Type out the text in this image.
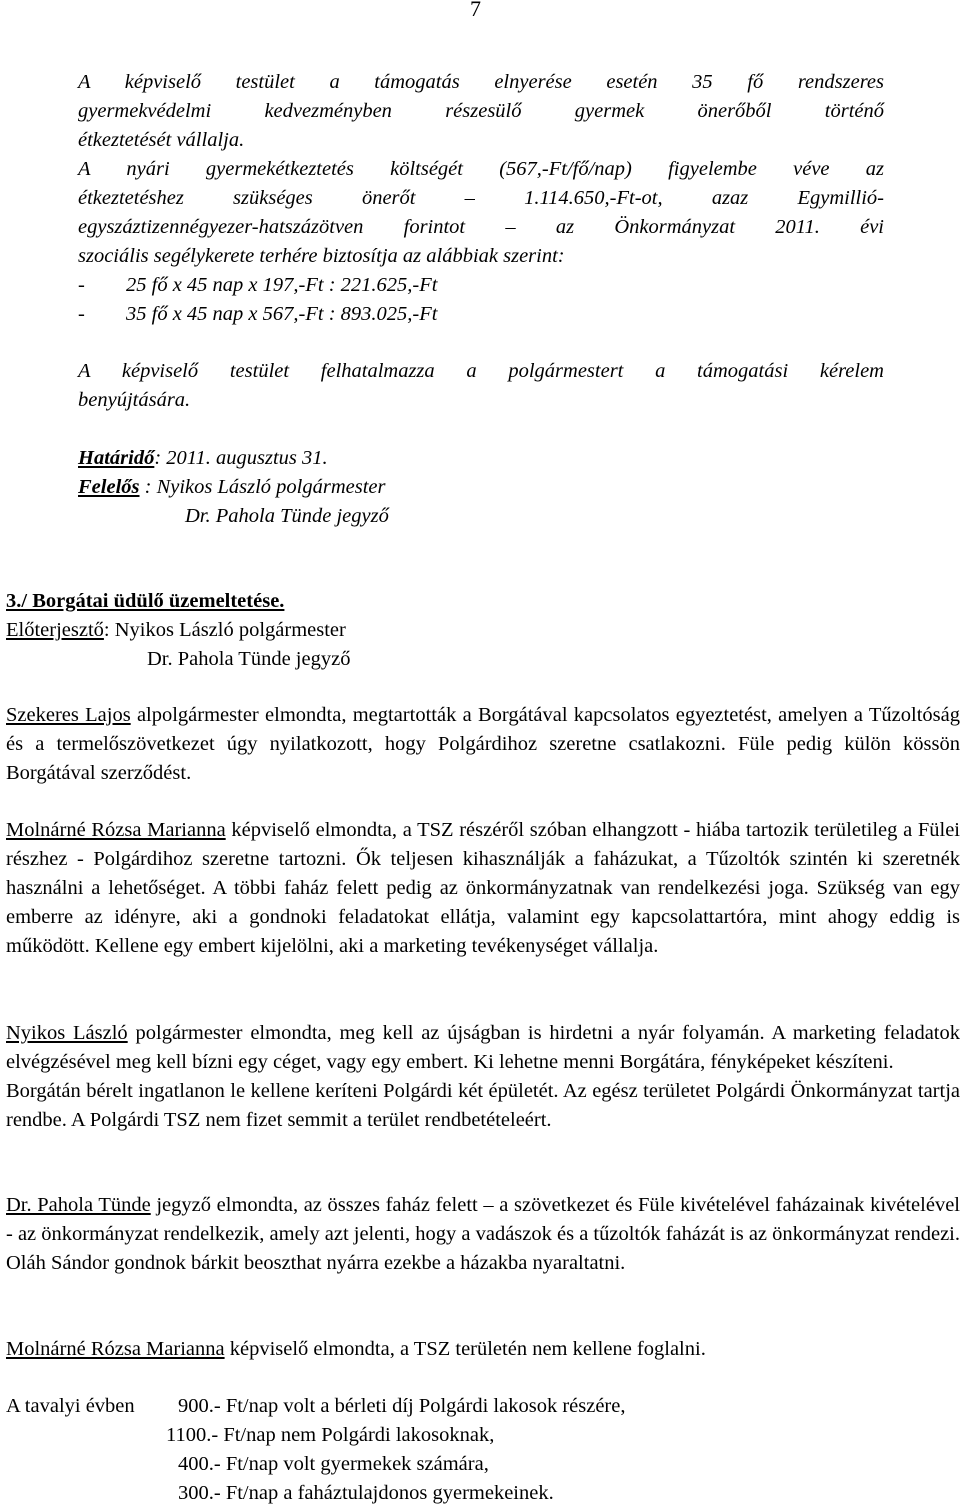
7

A képviselő testület a támogatás elnyerése esetén 35 fő rendszeres

gyermekvédelmi kedvezményben részesülő gyermek önerőből történő

étkeztetését vállalja.

A nyári gyermekétkeztetés költségét (567,-Ft/fő/nap) figyelembe véve az

étkeztetéshez szükséges önerőt – 1.114.650,-Ft-ot, azaz Egymillió-

egyszáztizennégyezer-hatszázötven forintot – az Önkormányzat 2011. évi

szociális segélykerete terhére biztosítja az alábbiak szerint:

- 25 fő x 45 nap x 197,-Ft : 221.625,-Ft
- 35 fő x 45 nap x 567,-Ft : 893.025,-Ft

A képviselő testület felhatalmazza a polgármestert a támogatási kérelem

benyújtására.

Határidő: 2011. augusztus 31.
Felelős : Nyikos László polgármester
Dr. Pahola Tünde jegyző
3./ Borgátai üdülő üzemeltetése.
Előterjesztő: Nyikos László polgármester
Dr. Pahola Tünde jegyző

Szekeres Lajos alpolgármester elmondta, megtartották a Borgátával kapcsolatos egyeztetést, amelyen a Tűzoltóság és a termelőszövetkezet úgy nyilatkozott, hogy Polgárdihoz szeretne csatlakozni. Füle pedig külön kössön Borgátával szerződést.

Molnárné Rózsa Marianna képviselő elmondta, a TSZ részéről szóban elhangzott - hiába tartozik területileg a Fülei részhez - Polgárdihoz szeretne tartozni. Ők teljesen kihasználják a faházukat, a Tűzoltók szintén ki szeretnék használni a lehetőséget. A többi faház felett pedig az önkormányzatnak van rendelkezési joga. Szükség van egy emberre az idényre, aki a gondnoki feladatokat ellátja, valamint egy kapcsolattartóra, mint ahogy eddig is működött. Kellene egy embert kijelölni, aki a marketing tevékenységet vállalja.

Nyikos László polgármester elmondta, meg kell az újságban is hirdetni a nyár folyamán. A marketing feladatok elvégzésével meg kell bízni egy céget, vagy egy embert. Ki lehetne menni Borgátára, fényképeket készíteni.

Borgátán bérelt ingatlanon le kellene keríteni Polgárdi két épületét. Az egész területet Polgárdi Önkormányzat tartja rendbe. A Polgárdi TSZ nem fizet semmit a terület rendbetételeért.

Dr. Pahola Tünde jegyző elmondta, az összes faház felett – a szövetkezet és Füle kivételével faházainak kivételével - az önkormányzat rendelkezik, amely azt jelenti, hogy a vadászok és a tűzoltók faházát is az önkormányzat rendezi. Oláh Sándor gondnok bárkit beoszthat nyárra ezekbe a házakba nyaraltatni.

Molnárné Rózsa Marianna képviselő elmondta, a TSZ területén nem kellene foglalni.

A tavalyi évben 900.- Ft/nap volt a bérleti díj Polgárdi lakosok részére,
1100.- Ft/nap nem Polgárdi lakosoknak,
400.- Ft/nap volt gyermekek számára,
300.- Ft/nap a faháztulajdonos gyermekeinek.
